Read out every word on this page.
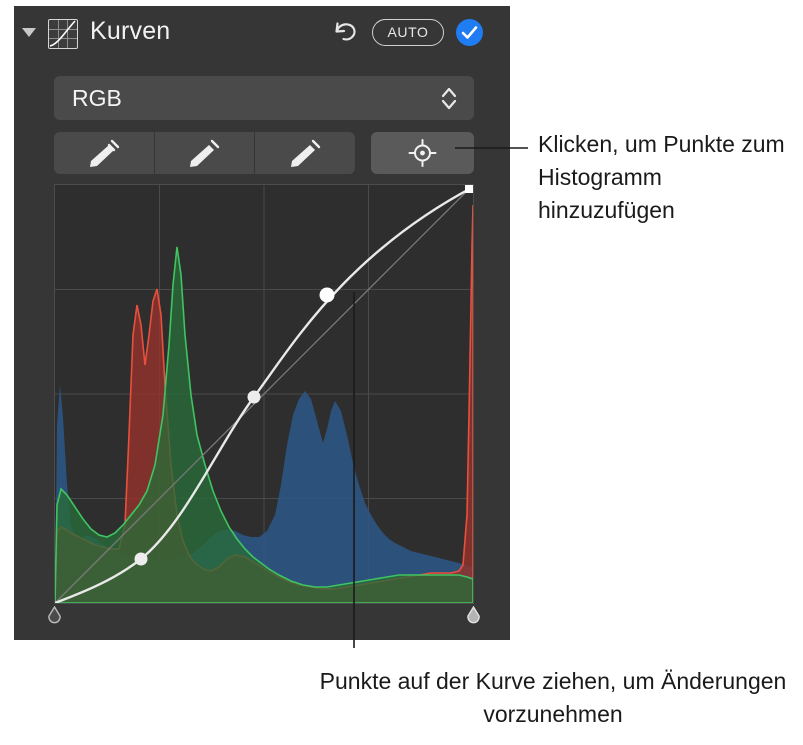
Kurven	AUTO
RGB
Klicken, um Punkte zum Histogramm hinzuzufügen
Punkte auf der Kurve ziehen, um Änderungen vorzunehmen
